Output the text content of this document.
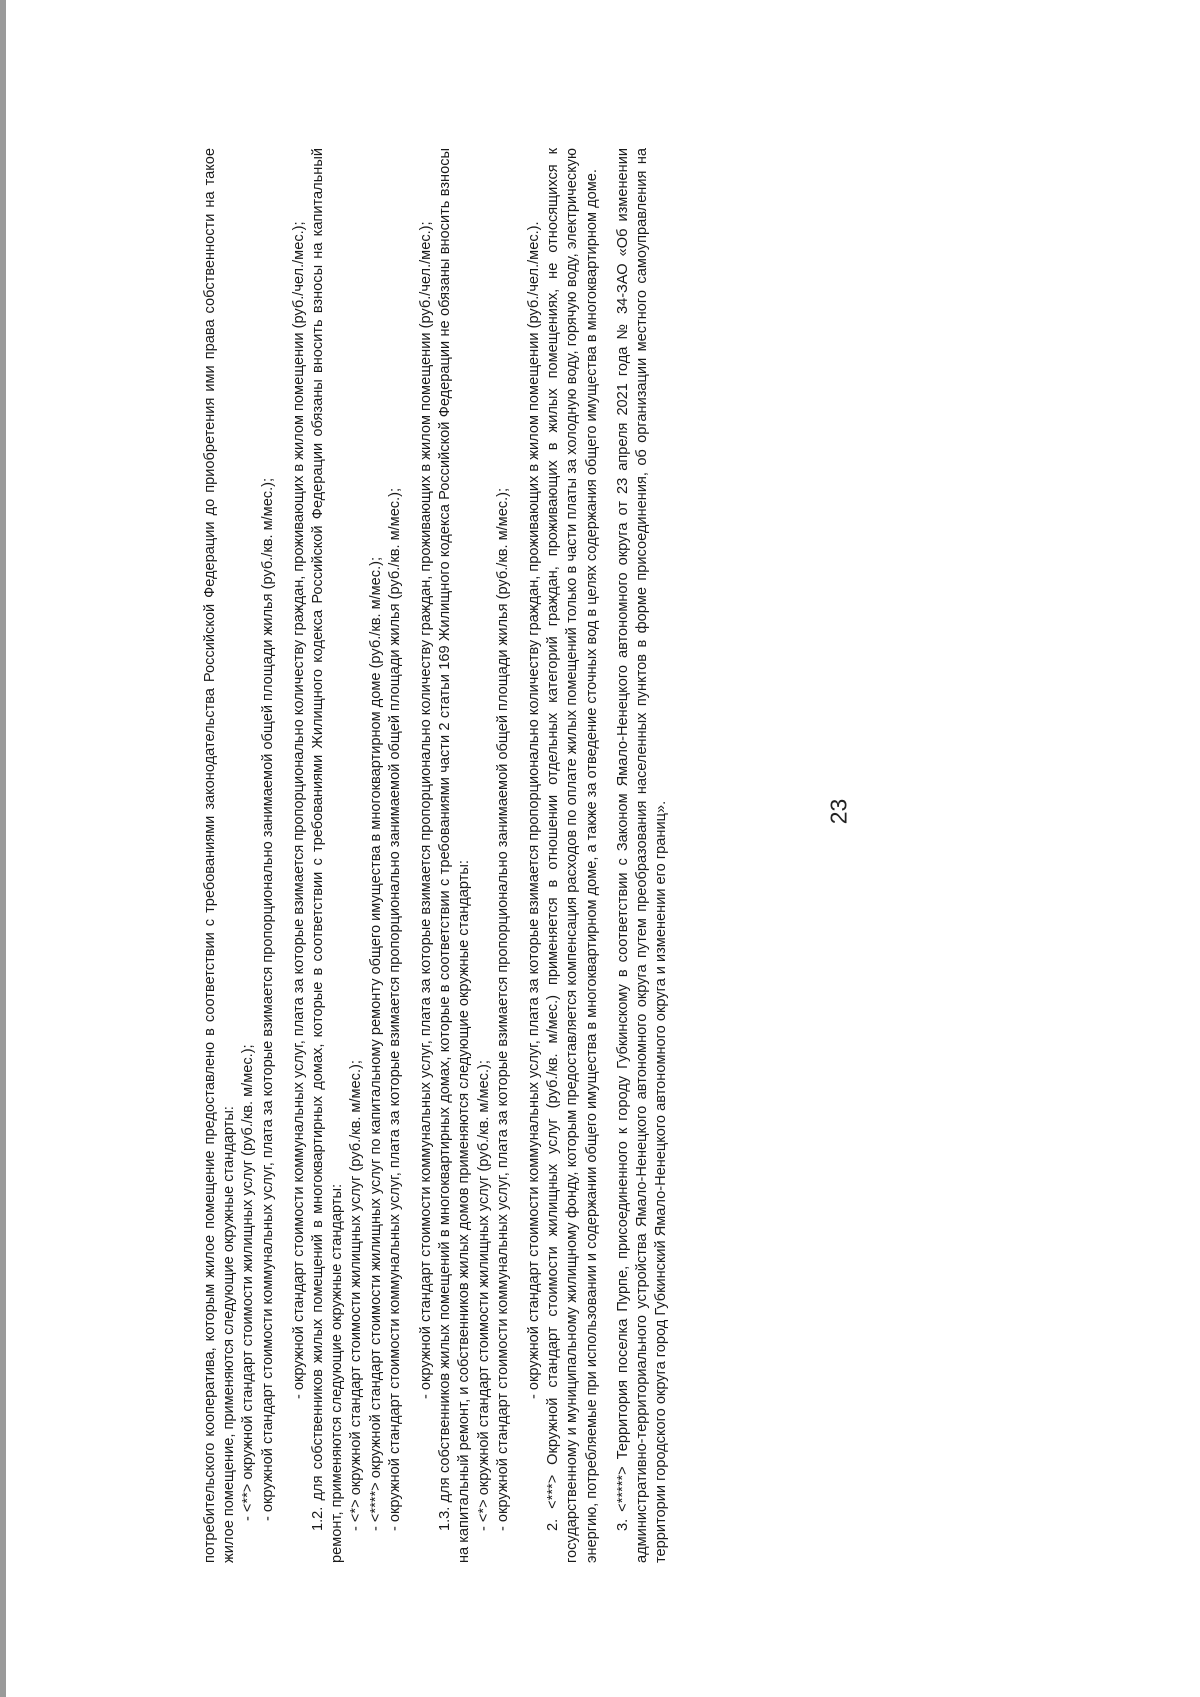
23

потребительского кооператива, которым жилое помещение предоставлено в соответствии с требованиями законодательства Российской Федерации до приобретения ими права собственности на такое жилое помещение, применяются следующие окружные стандарты: - <**> окружной стандарт стоимости жилищных услуг (руб./кв. м/мес.); - окружной стандарт стоимости коммунальных услуг, плата за которые взимается пропорционально занимаемой общей площади жилья (руб./кв. м/мес.); - окружной стандарт стоимости коммунальных услуг, плата за которые взимается пропорционально количеству граждан, проживающих в жилом помещении (руб./чел./мес.); 1.2. для собственников жилых помещений в многоквартирных домах, которые в соответствии с требованиями Жилищного кодекса Российской Федерации обязаны вносить взносы на капитальный ремонт, применяются следующие окружные стандарты: - <*> окружной стандарт стоимости жилищных услуг (руб./кв. м/мес.); - <****> окружной стандарт стоимости жилищных услуг по капитальному ремонту общего имущества в многоквартирном доме (руб./кв. м/мес.); - окружной стандарт стоимости коммунальных услуг, плата за которые взимается пропорционально занимаемой общей площади жилья (руб./кв. м/мес.); - окружной стандарт стоимости коммунальных услуг, плата за которые взимается пропорционально количеству граждан, проживающих в жилом помещении (руб./чел./мес.); 1.3. для собственников жилых помещений в многоквартирных домах, которые в соответствии с требованиями части 2 статьи 169 Жилищного кодекса Российской Федерации не обязаны вносить взносы на капитальный ремонт, и собственников жилых домов применяются следующие окружные стандарты: - <*> окружной стандарт стоимости жилищных услуг (руб./кв. м/мес.); - окружной стандарт стоимости коммунальных услуг, плата за которые взимается пропорционально занимаемой общей площади жилья (руб./кв. м/мес.); - окружной стандарт стоимости коммунальных услуг, плата за которые взимается пропорционально количеству граждан, проживающих в жилом помещении (руб./чел./мес.). 2. <***> Окружной стандарт стоимости жилищных услуг (руб./кв. м/мес.) применяется в отношении отдельных категорий граждан, проживающих в жилых помещениях, не относящихся к государственному и муниципальному жилищному фонду, которым предоставляется компенсация расходов по оплате жилых помещений только в части платы за холодную воду, горячую воду, электрическую энергию, потребляемые при использовании и содержании общего имущества в многоквартирном доме, а также за отведение сточных вод в целях содержания общего имущества в многоквартирном доме. 3. <*****> Территория поселка Пурпе, присоединенного к городу Губкинскому в соответствии с Законом Ямало-Ненецкого автономного округа от 23 апреля 2021 года № 34-ЗАО «Об изменении административно-территориального устройства Ямало-Ненецкого автономного округа путем преобразования населенных пунктов в форме присоединения, об организации местного самоуправления на территории городского округа город Губкинский Ямало-Ненецкого автономного округа и изменении его границ».
